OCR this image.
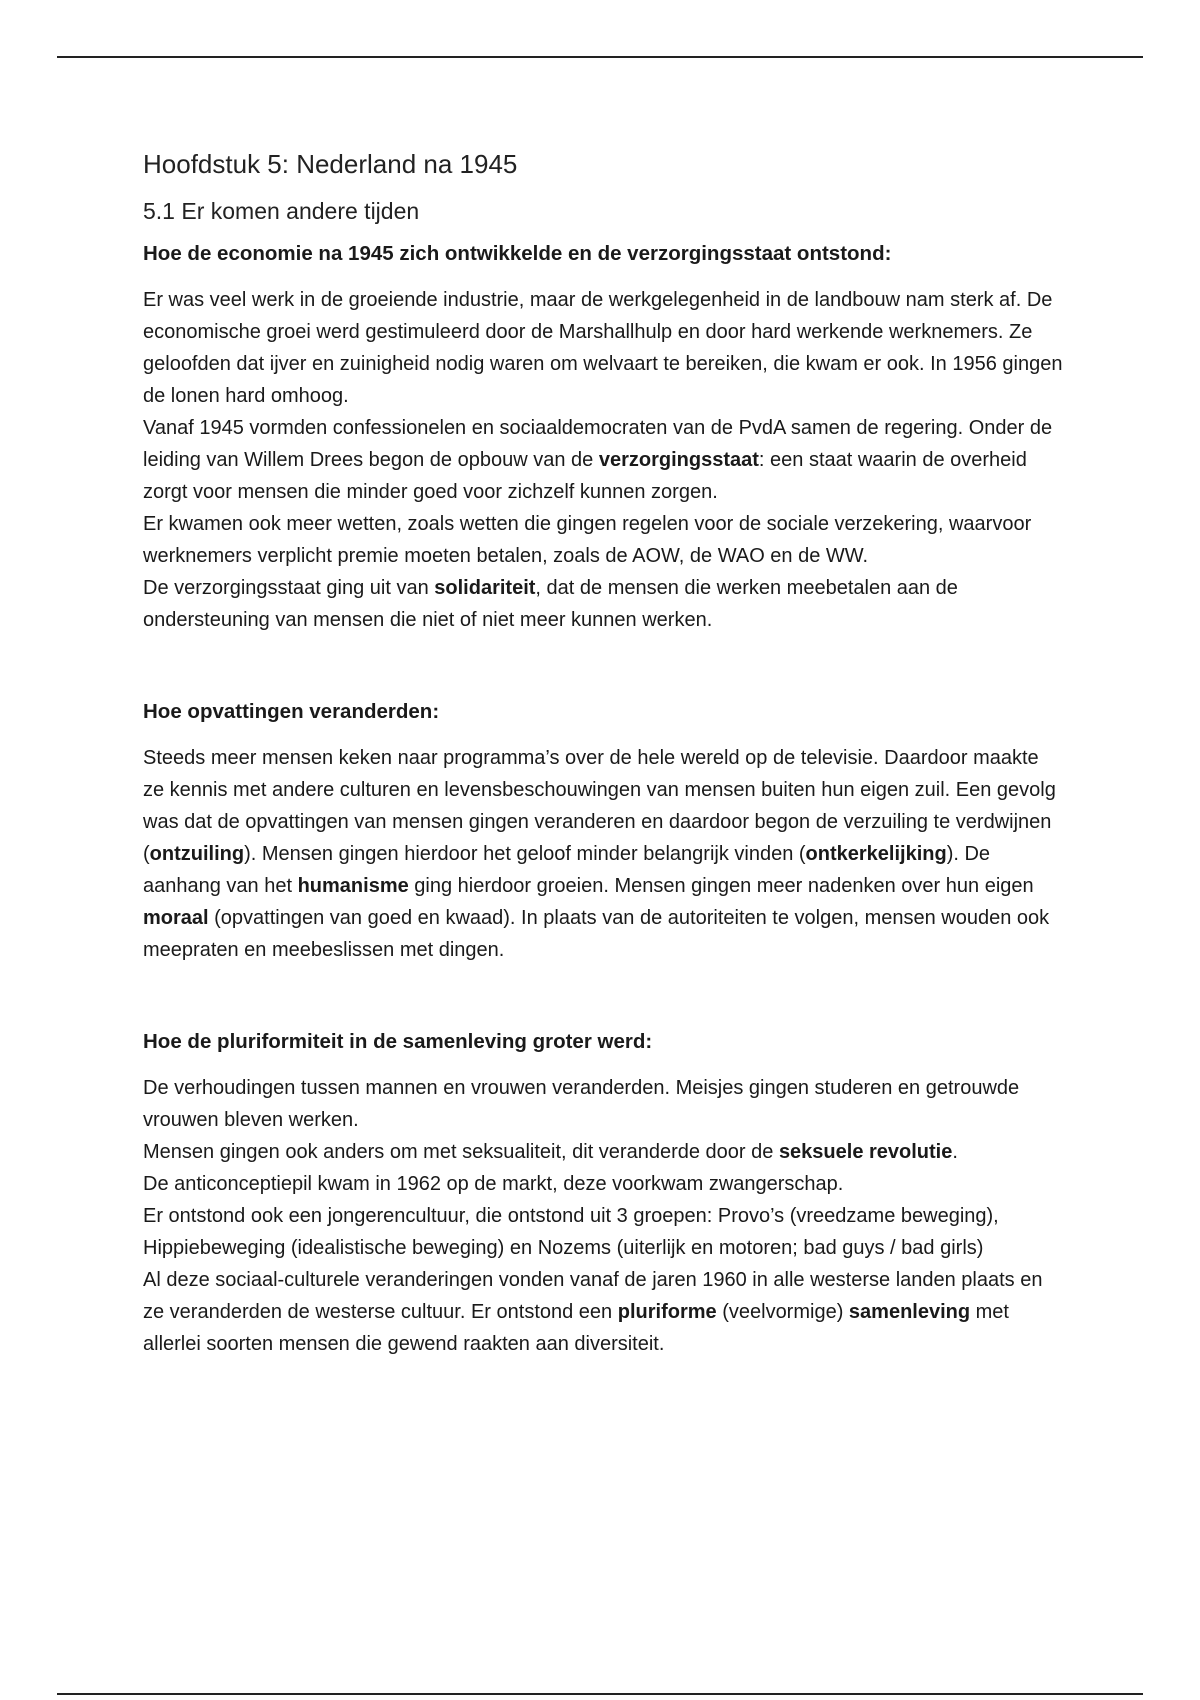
Hoofdstuk 5: Nederland na 1945
5.1 Er komen andere tijden
Hoe de economie na 1945 zich ontwikkelde en de verzorgingsstaat ontstond:

Er was veel werk in de groeiende industrie, maar de werkgelegenheid in de landbouw nam sterk af. De economische groei werd gestimuleerd door de Marshallhulp en door hard werkende werknemers. Ze geloofden dat ijver en zuinigheid nodig waren om welvaart te bereiken, die kwam er ook. In 1956 gingen de lonen hard omhoog.
Vanaf 1945 vormden confessionelen en sociaaldemocraten van de PvdA samen de regering. Onder de leiding van Willem Drees begon de opbouw van de verzorgingsstaat: een staat waarin de overheid zorgt voor mensen die minder goed voor zichzelf kunnen zorgen.
Er kwamen ook meer wetten, zoals wetten die gingen regelen voor de sociale verzekering, waarvoor werknemers verplicht premie moeten betalen, zoals de AOW, de WAO en de WW.
De verzorgingsstaat ging uit van solidariteit, dat de mensen die werken meebetalen aan de ondersteuning van mensen die niet of niet meer kunnen werken.

Hoe opvattingen veranderden:

Steeds meer mensen keken naar programma’s over de hele wereld op de televisie. Daardoor maakte ze kennis met andere culturen en levensbeschouwingen van mensen buiten hun eigen zuil. Een gevolg was dat de opvattingen van mensen gingen veranderen en daardoor begon de verzuiling te verdwijnen (ontzuiling). Mensen gingen hierdoor het geloof minder belangrijk vinden (ontkerkelijking). De aanhang van het humanisme ging hierdoor groeien. Mensen gingen meer nadenken over hun eigen moraal (opvattingen van goed en kwaad). In plaats van de autoriteiten te volgen, mensen wouden ook meepraten en meebeslissen met dingen.

Hoe de pluriformiteit in de samenleving groter werd:

De verhoudingen tussen mannen en vrouwen veranderden. Meisjes gingen studeren en getrouwde vrouwen bleven werken.
Mensen gingen ook anders om met seksualiteit, dit veranderde door de seksuele revolutie.
De anticonceptiepil kwam in 1962 op de markt, deze voorkwam zwangerschap.
Er ontstond ook een jongerencultuur, die ontstond uit 3 groepen: Provo’s (vreedzame beweging), Hippiebeweging (idealistische beweging) en Nozems (uiterlijk en motoren; bad guys / bad girls)
Al deze sociaal-culturele veranderingen vonden vanaf de jaren 1960 in alle westerse landen plaats en ze veranderden de westerse cultuur. Er ontstond een pluriforme (veelvormige) samenleving met allerlei soorten mensen die gewend raakten aan diversiteit.
